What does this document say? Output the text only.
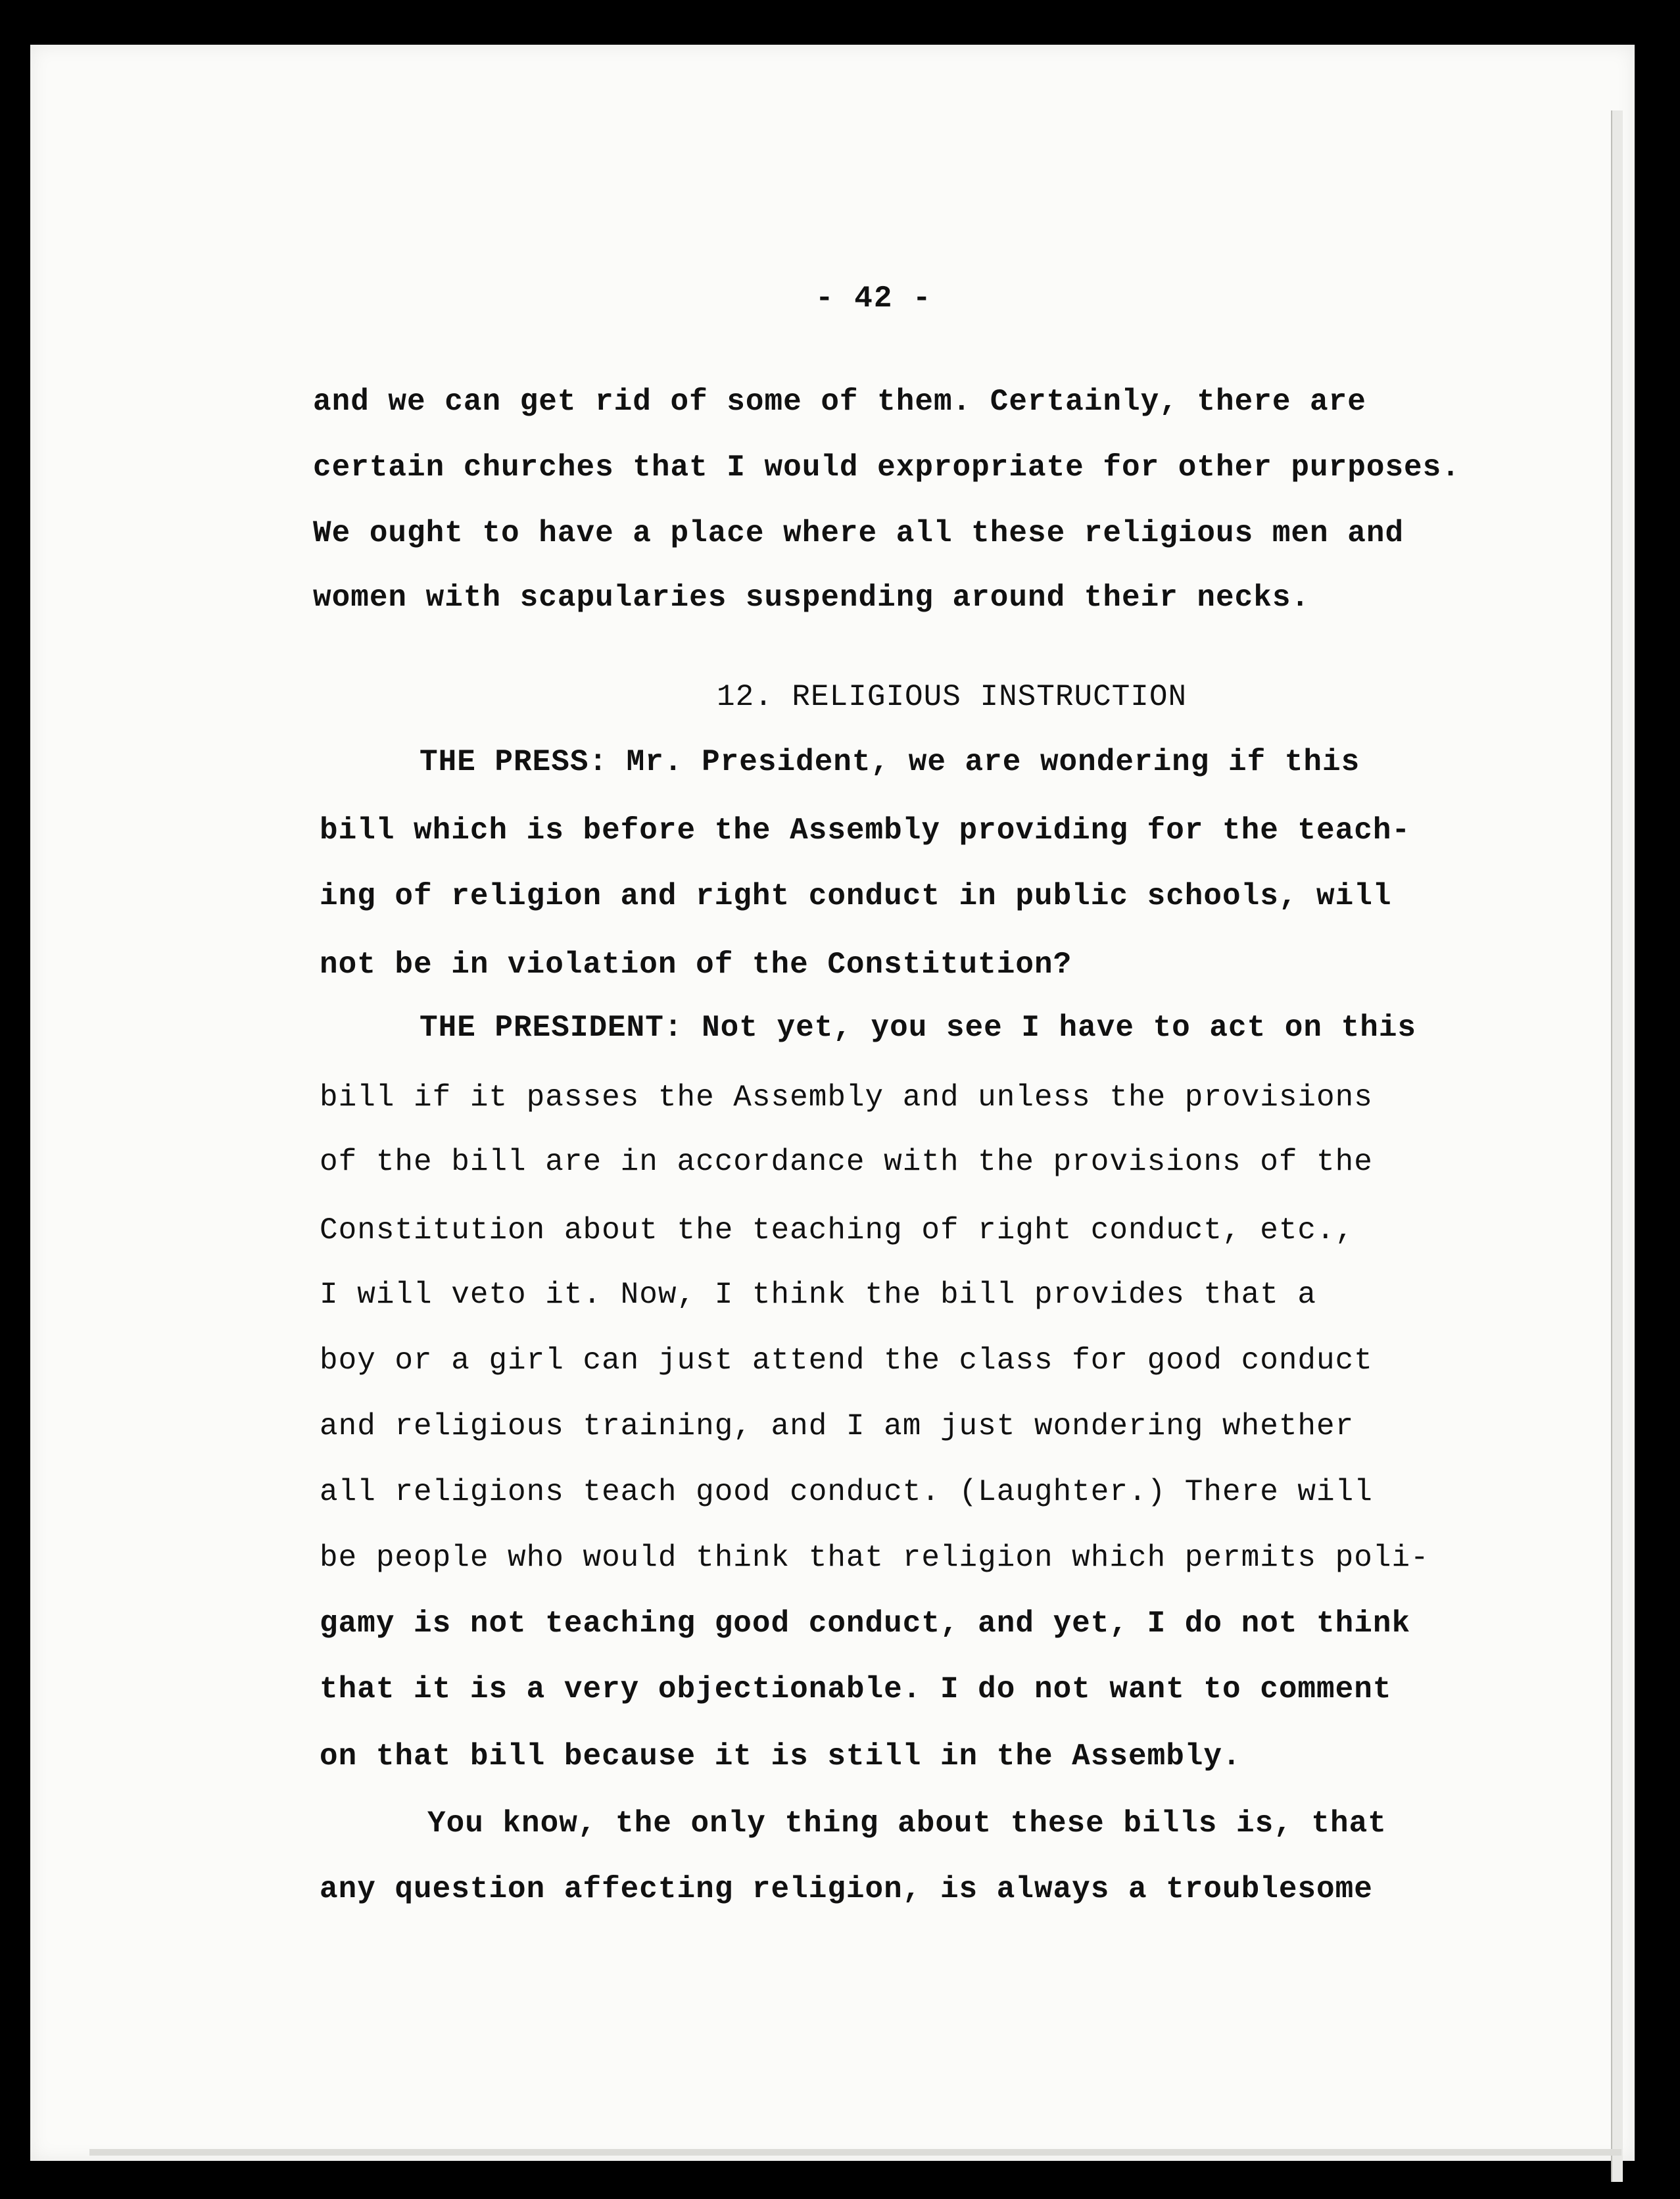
- 42 -
and we can get rid of some of them. Certainly, there are
certain churches that I would expropriate for other purposes.
We ought to have a place where all these religious men and
women with scapularies suspending around their necks.
12. RELIGIOUS INSTRUCTION
THE PRESS: Mr. President, we are wondering if this
bill which is before the Assembly providing for the teach-
ing of religion and right conduct in public schools, will
not be in violation of the Constitution?
THE PRESIDENT: Not yet, you see I have to act on this
bill if it passes the Assembly and unless the provisions
of the bill are in accordance with the provisions of the
Constitution about the teaching of right conduct, etc.,
I will veto it. Now, I think the bill provides that a
boy or a girl can just attend the class for good conduct
and religious training, and I am just wondering whether
all religions teach good conduct. (Laughter.) There will
be people who would think that religion which permits poli-
gamy is not teaching good conduct, and yet, I do not think
that it is a very objectionable. I do not want to comment
on that bill because it is still in the Assembly.
You know, the only thing about these bills is, that
any question affecting religion, is always a troublesome
